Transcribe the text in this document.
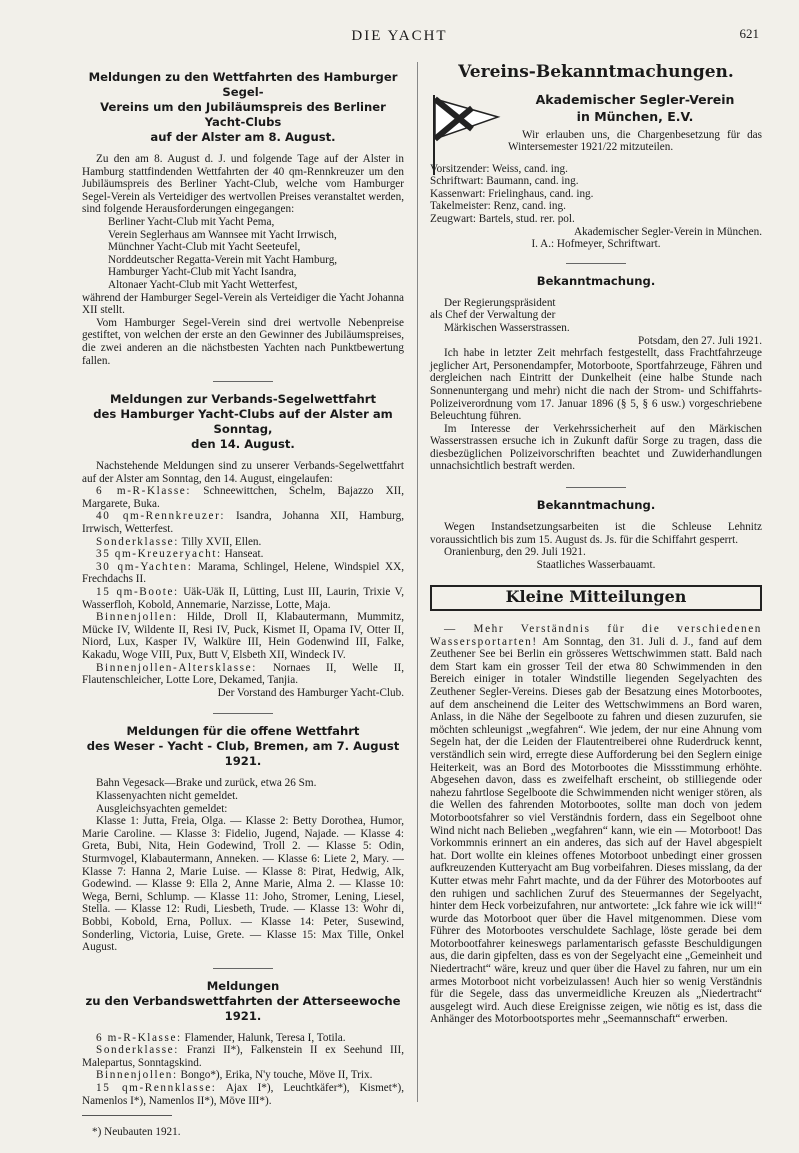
DIE YACHT	621
Meldungen zu den Wettfahrten des Hamburger Segel-
Vereins um den Jubiläumspreis des Berliner Yacht-Clubs
auf der Alster am 8. August.

Zu den am 8. August d. J. und folgende Tage auf der Alster in Hamburg stattfindenden Wettfahrten der 40 qm-Rennkreuzer um den Jubiläumspreis des Berliner Yacht-Club, welche vom Hamburger Segel-Verein als Verteidiger des wertvollen Preises veranstaltet werden, sind folgende Herausforderungen eingegangen:

Berliner Yacht-Club mit Yacht Pema,

Verein Seglerhaus am Wannsee mit Yacht Irrwisch,

Münchner Yacht-Club mit Yacht Seeteufel,

Norddeutscher Regatta-Verein mit Yacht Hamburg,

Hamburger Yacht-Club mit Yacht Isandra,

Altonaer Yacht-Club mit Yacht Wetterfest,

während der Hamburger Segel-Verein als Verteidiger die Yacht Johanna XII stellt.

Vom Hamburger Segel-Verein sind drei wertvolle Nebenpreise gestiftet, von welchen der erste an den Gewinner des Jubiläumspreises, die zwei anderen an die nächstbesten Yachten nach Punktbewertung fallen.

Meldungen zur Verbands-Segelwettfahrt
des Hamburger Yacht-Clubs auf der Alster am Sonntag,
den 14. August.

Nachstehende Meldungen sind zu unserer Verbands-Segelwettfahrt auf der Alster am Sonntag, den 14. August, eingelaufen:

6 m-R-Klasse: Schneewittchen, Schelm, Bajazzo XII, Margarete, Buka.

40 qm-Rennkreuzer: Isandra, Johanna XII, Hamburg, Irrwisch, Wetterfest.

Sonderklasse: Tilly XVII, Ellen.

35 qm-Kreuzeryacht: Hanseat.

30 qm-Yachten: Marama, Schlingel, Helene, Windspiel XX, Frechdachs II.

15 qm-Boote: Uäk-Uäk II, Lütting, Lust III, Laurin, Trixie V, Wasserfloh, Kobold, Annemarie, Narzisse, Lotte, Maja.

Binnenjollen: Hilde, Droll II, Klabautermann, Mummitz, Mücke IV, Wildente II, Resi IV, Puck, Kismet II, Opama IV, Otter II, Niord, Lux, Kasper IV, Walküre III, Hein Godenwind III, Falke, Kakadu, Woge VIII, Pux, Butt V, Elsbeth XII, Windeck IV.

Binnenjollen-Altersklasse: Nornaes II, Welle II, Flautenschleicher, Lotte Lore, Dekamed, Tanjia.

Der Vorstand des Hamburger Yacht-Club.

Meldungen für die offene Wettfahrt
des Weser - Yacht - Club, Bremen, am 7. August 1921.

Bahn Vegesack—Brake und zurück, etwa 26 Sm.

Klassenyachten nicht gemeldet.

Ausgleichsyachten gemeldet:

Klasse 1: Jutta, Freia, Olga. — Klasse 2: Betty Dorothea, Humor, Marie Caroline. — Klasse 3: Fidelio, Jugend, Najade. — Klasse 4: Greta, Bubi, Nita, Hein Godewind, Troll 2. — Klasse 5: Odin, Sturmvogel, Klabautermann, Anneken. — Klasse 6: Liete 2, Mary. — Klasse 7: Hanna 2, Marie Luise. — Klasse 8: Pirat, Hedwig, Alk, Godewind. — Klasse 9: Ella 2, Anne Marie, Alma 2. — Klasse 10: Wega, Berni, Schlump. — Klasse 11: Joho, Stromer, Lening, Liesel, Stella. — Klasse 12: Rudi, Liesbeth, Trude. — Klasse 13: Wohr di, Bobbi, Kobold, Erna, Pollux. — Klasse 14: Peter, Susewind, Sonderling, Victoria, Luise, Grete. — Klasse 15: Max Tille, Onkel August.

Meldungen
zu den Verbandswettfahrten der Atterseewoche 1921.

6 m-R-Klasse: Flamender, Halunk, Teresa I, Totila.

Sonderklasse: Franzi II*), Falkenstein II ex Seehund III, Malepartus, Sonntagskind.

Binnenjollen: Bongo*), Erika, N'y touche, Möve II, Trix.

15 qm-Rennklasse: Ajax I*), Leuchtkäfer*), Kismet*), Namenlos I*), Namenlos II*), Möve III*).

*) Neubauten 1921.

Vereins-Bekanntmachungen.
Akademischer Segler-Verein
in München, E.V.

Wir erlauben uns, die Chargenbesetzung für das Wintersemester 1921/22 mitzuteilen.

Vorsitzender: Weiss, cand. ing.

Schriftwart: Baumann, cand. ing.

Kassenwart: Frielinghaus, cand. ing.

Takelmeister: Renz, cand. ing.

Zeugwart: Bartels, stud. rer. pol.

Akademischer Segler-Verein in München.

I. A.: Hofmeyer, Schriftwart.

Bekanntmachung.

Der Regierungspräsident

als Chef der Verwaltung der

Märkischen Wasserstrassen.

Potsdam, den 27. Juli 1921.

Ich habe in letzter Zeit mehrfach festgestellt, dass Frachtfahrzeuge jeglicher Art, Personendampfer, Motorboote, Sportfahrzeuge, Fähren und dergleichen nach Eintritt der Dunkelheit (eine halbe Stunde nach Sonnenuntergang und mehr) nicht die nach der Strom- und Schiffahrts-Polizeiverordnung vom 17. Januar 1896 (§ 5, § 6 usw.) vorgeschriebene Beleuchtung führen.

Im Interesse der Verkehrssicherheit auf den Märkischen Wasserstrassen ersuche ich in Zukunft dafür Sorge zu tragen, dass die diesbezüglichen Polizeivorschriften beachtet und Zuwiderhandlungen unnachsichtlich bestraft werden.

Bekanntmachung.

Wegen Instandsetzungsarbeiten ist die Schleuse Lehnitz voraussichtlich bis zum 15. August ds. Js. für die Schiffahrt gesperrt.

Oranienburg, den 29. Juli 1921.

Staatliches Wasserbauamt.

Kleine Mitteilungen

— Mehr Verständnis für die verschiedenen Wassersportarten! Am Sonntag, den 31. Juli d. J., fand auf dem Zeuthener See bei Berlin ein grösseres Wettschwimmen statt. Bald nach dem Start kam ein grosser Teil der etwa 80 Schwimmenden in den Bereich einiger in totaler Windstille liegenden Segelyachten des Zeuthener Segler-Vereins. Dieses gab der Besatzung eines Motorbootes, auf dem anscheinend die Leiter des Wettschwimmens an Bord waren, Anlass, in die Nähe der Segelboote zu fahren und diesen zuzurufen, sie möchten schleunigst „wegfahren“. Wie jedem, der nur eine Ahnung vom Segeln hat, der die Leiden der Flautentreiberei ohne Ruderdruck kennt, verständlich sein wird, erregte diese Aufforderung bei den Seglern einige Heiterkeit, was an Bord des Motorbootes die Missstimmung erhöhte. Abgesehen davon, dass es zweifelhaft erscheint, ob stilliegende oder nahezu fahrtlose Segelboote die Schwimmenden nicht weniger stören, als die Wellen des fahrenden Motorbootes, sollte man doch von jedem Motorbootsfahrer so viel Verständnis fordern, dass ein Segelboot ohne Wind nicht nach Belieben „wegfahren“ kann, wie ein — Motorboot! Das Vorkommnis erinnert an ein anderes, das sich auf der Havel abgespielt hat. Dort wollte ein kleines offenes Motorboot unbedingt einer grossen aufkreuzenden Kutteryacht am Bug vorbeifahren. Dieses misslang, da der Kutter etwas mehr Fahrt machte, und da der Führer des Motorbootes auf den ruhigen und sachlichen Zuruf des Steuermannes der Segelyacht, hinter dem Heck vorbeizufahren, nur antwortete: „Ick fahre wie ick will!“ wurde das Motorboot quer über die Havel mitgenommen. Diese vom Führer des Motorbootes verschuldete Sachlage, löste gerade bei dem Motorbootfahrer keineswegs parlamentarisch gefasste Beschuldigungen aus, die darin gipfelten, dass es von der Segelyacht eine „Gemeinheit und Niedertracht“ wäre, kreuz und quer über die Havel zu fahren, nur um ein armes Motorboot nicht vorbeizulassen! Auch hier so wenig Verständnis für die Segele, dass das unvermeidliche Kreuzen als „Niedertracht“ ausgelegt wird. Auch diese Ereignisse zeigen, wie nötig es ist, dass die Anhänger des Motorbootsportes mehr „Seemannschaft“ erwerben.
